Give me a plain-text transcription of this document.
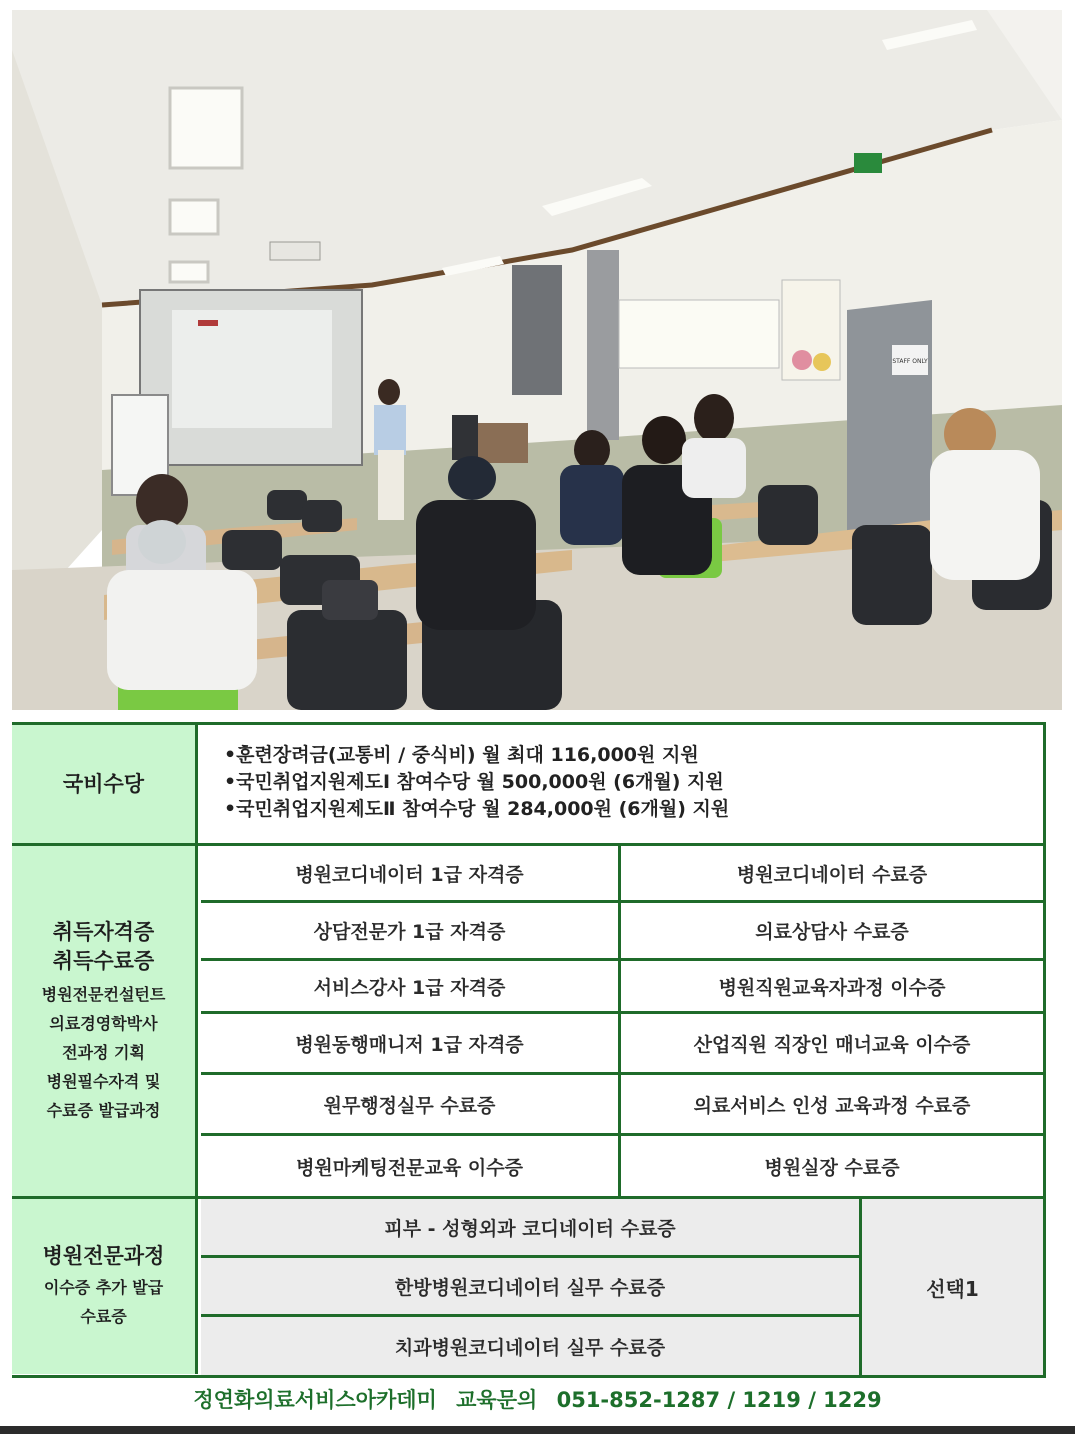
STAFF ONLY
국비수당
•훈련장려금(교통비 / 중식비) 월 최대 116,000원 지원
•국민취업지원제도Ⅰ 참여수당 월 500,000원 (6개월) 지원
•국민취업지원제도Ⅱ 참여수당 월 284,000원 (6개월) 지원
취득자격증
취득수료증
병원전문컨설턴트
의료경영학박사
전과정 기획
병원필수자격 및
수료증 발급과정
병원코디네이터 1급 자격증	병원코디네이터 수료증
상담전문가 1급 자격증	의료상담사 수료증
서비스강사 1급 자격증	병원직원교육자과정 이수증
병원동행매니저 1급 자격증	산업직원 직장인 매너교육 이수증
원무행정실무 수료증	의료서비스 인성 교육과정 수료증
병원마케팅전문교육 이수증	병원실장 수료증
병원전문과정
이수증 추가 발급
수료증
피부 - 성형외과 코디네이터 수료증
한방병원코디네이터 실무 수료증
치과병원코디네이터 실무 수료증
선택1
정연화의료서비스아카데미 교육문의 051-852-1287 / 1219 / 1229
